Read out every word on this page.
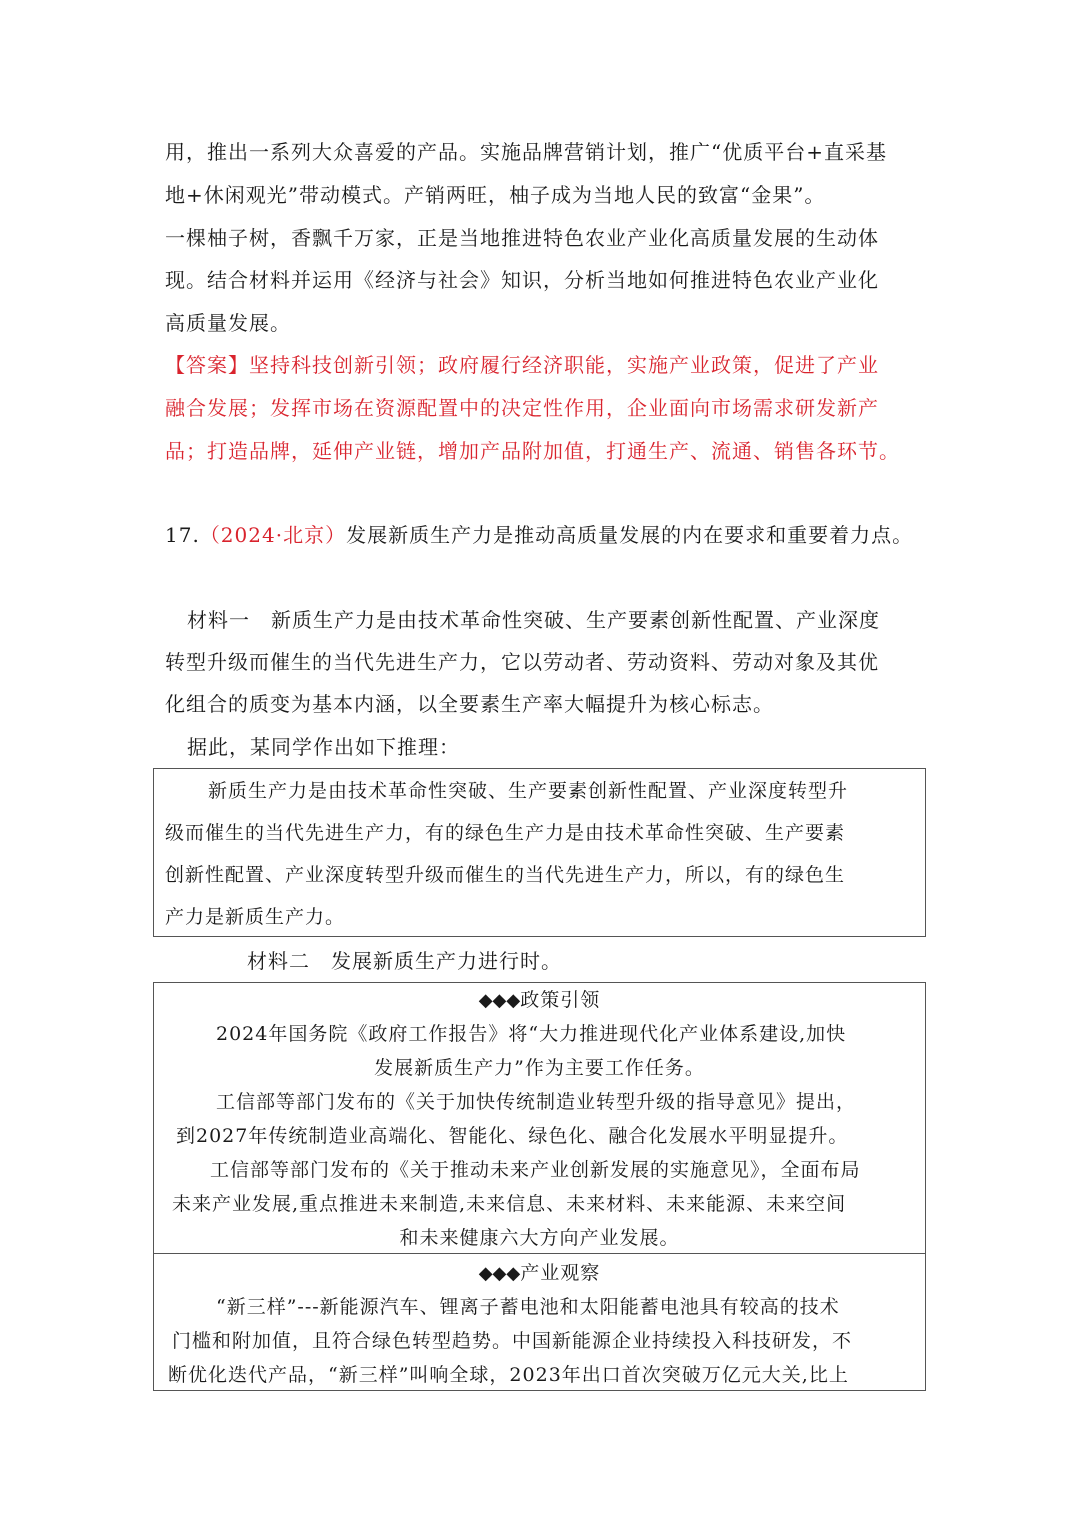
用，推出一系列大众喜爱的产品。实施品牌营销计划，推广“优质平台+直采基
地+休闲观光”带动模式。产销两旺，柚子成为当地人民的致富“金果”。
一棵柚子树，香飘千万家，正是当地推进特色农业产业化高质量发展的生动体
现。结合材料并运用《经济与社会》知识，分析当地如何推进特色农业产业化
高质量发展。
【答案】坚持科技创新引领；政府履行经济职能，实施产业政策，促进了产业
融合发展；发挥市场在资源配置中的决定性作用，企业面向市场需求研发新产
品；打造品牌，延伸产业链，增加产品附加值，打通生产、流通、销售各环节。
17.（2024·北京）发展新质生产力是推动高质量发展的内在要求和重要着力点。
材料一　新质生产力是由技术革命性突破、生产要素创新性配置、产业深度
转型升级而催生的当代先进生产力，它以劳动者、劳动资料、劳动对象及其优
化组合的质变为基本内涵，以全要素生产率大幅提升为核心标志。
据此，某同学作出如下推理：
新质生产力是由技术革命性突破、生产要素创新性配置、产业深度转型升
级而催生的当代先进生产力，有的绿色生产力是由技术革命性突破、生产要素
创新性配置、产业深度转型升级而催生的当代先进生产力，所以，有的绿色生
产力是新质生产力。
材料二　发展新质生产力进行时。
◆◆◆政策引领
2024年国务院《政府工作报告》将“大力推进现代化产业体系建设,加快
发展新质生产力”作为主要工作任务。
工信部等部门发布的《关于加快传统制造业转型升级的指导意见》提出，
到2027年传统制造业高端化、智能化、绿色化、融合化发展水平明显提升。
工信部等部门发布的《关于推动未来产业创新发展的实施意见》，全面布局
未来产业发展,重点推进未来制造,未来信息、未来材料、未来能源、未来空间
和未来健康六大方向产业发展。
◆◆◆产业观察
“新三样”---新能源汽车、锂离子蓄电池和太阳能蓄电池具有较高的技术
门槛和附加值，且符合绿色转型趋势。中国新能源企业持续投入科技研发，不
断优化迭代产品，“新三样”叫响全球，2023年出口首次突破万亿元大关,比上
